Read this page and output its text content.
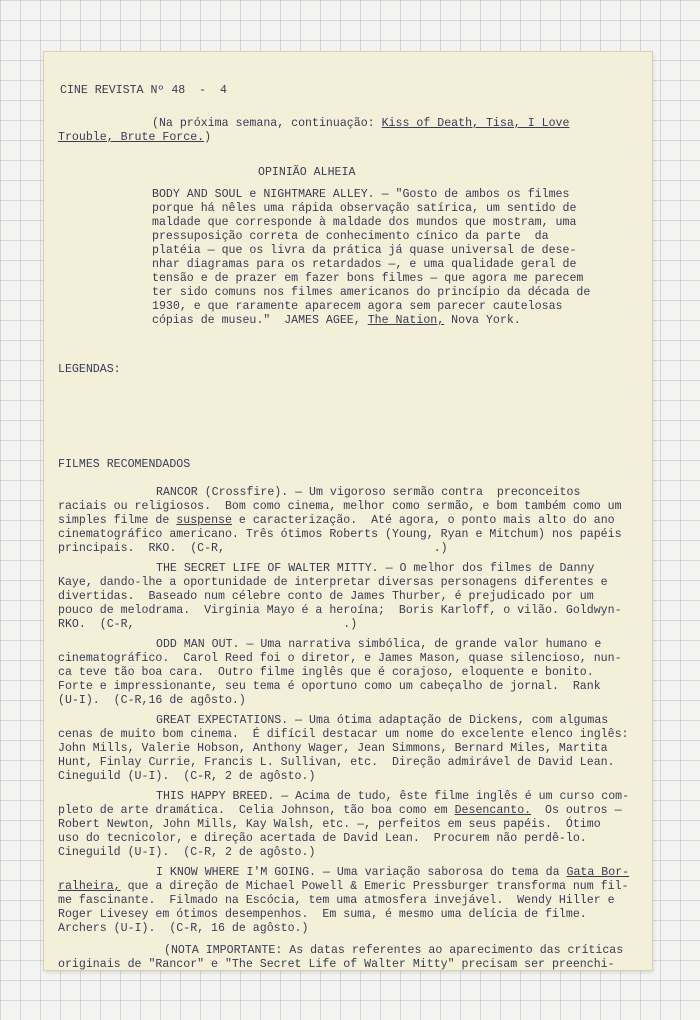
CINE REVISTA Nº 48  -  4
(Na próxima semana, continuação: Kiss of Death, Tisa, I Love
Trouble, Brute Force.)
OPINIÃO ALHEIA
BODY AND SOUL e NIGHTMARE ALLEY. — "Gosto de ambos os filmes
porque há nêles uma rápida observação satírica, um sentido de
maldade que corresponde à maldade dos mundos que mostram, uma
pressuposição correta de conhecimento cínico da parte  da
platéia — que os livra da prática já quase universal de dese-
nhar diagramas para os retardados —, e uma qualidade geral de
tensão e de prazer em fazer bons filmes — que agora me parecem
ter sido comuns nos filmes americanos do princípio da década de
1930, e que raramente aparecem agora sem parecer cautelosas
cópias de museu."  JAMES AGEE, The Nation, Nova York.
LEGENDAS:
FILMES RECOMENDADOS
RANCOR (Crossfire). — Um vigoroso sermão contra  preconceitos
raciais ou religiosos.  Bom como cinema, melhor como sermão, e bom também como um
simples filme de suspense e caracterização.  Até agora, o ponto mais alto do ano
cinematográfico americano. Três ótimos Roberts (Young, Ryan e Mitchum) nos papéis
principais.  RKO.  (C-R,                              .)
THE SECRET LIFE OF WALTER MITTY. — O melhor dos filmes de Danny
Kaye, dando-lhe a oportunidade de interpretar diversas personagens diferentes e
divertidas.  Baseado num célebre conto de James Thurber, é prejudicado por um
pouco de melodrama.  Virginia Mayo é a heroína;  Boris Karloff, o vilão. Goldwyn-
RKO.  (C-R,                              .)
ODD MAN OUT. — Uma narrativa simbólica, de grande valor humano e
cinematográfico.  Carol Reed foi o diretor, e James Mason, quase silencioso, nun-
ca teve tão boa cara.  Outro filme inglês que é corajoso, eloquente e bonito.
Forte e impressionante, seu tema é oportuno como um cabeçalho de jornal.  Rank
(U-I).  (C-R,16 de agôsto.)
GREAT EXPECTATIONS. — Uma ótima adaptação de Dickens, com algumas
cenas de muito bom cinema.  É difícil destacar um nome do excelente elenco inglês:
John Mills, Valerie Hobson, Anthony Wager, Jean Simmons, Bernard Miles, Martita
Hunt, Finlay Currie, Francis L. Sullivan, etc.  Direção admirável de David Lean.
Cineguild (U-I).  (C-R, 2 de agôsto.)
THIS HAPPY BREED. — Acima de tudo, êste filme inglês é um curso com-
pleto de arte dramática.  Celia Johnson, tão boa como em Desencanto.  Os outros —
Robert Newton, John Mills, Kay Walsh, etc. —, perfeitos em seus papéis.  Ótimo
uso do tecnicolor, e direção acertada de David Lean.  Procurem não perdê-lo.
Cineguild (U-I).  (C-R, 2 de agôsto.)
I KNOW WHERE I'M GOING. — Uma variação saborosa do tema da Gata Bor-
ralheira, que a direção de Michael Powell & Emeric Pressburger transforma num fil-
me fascinante.  Filmado na Escócia, tem uma atmosfera invejável.  Wendy Hiller e
Roger Livesey em ótimos desempenhos.  Em suma, é mesmo uma delícia de filme.
Archers (U-I).  (C-R, 16 de agôsto.)
(NOTA IMPORTANTE: As datas referentes ao aparecimento das críticas
originais de "Rancor" e "The Secret Life of Walter Mitty" precisam ser preenchi-
